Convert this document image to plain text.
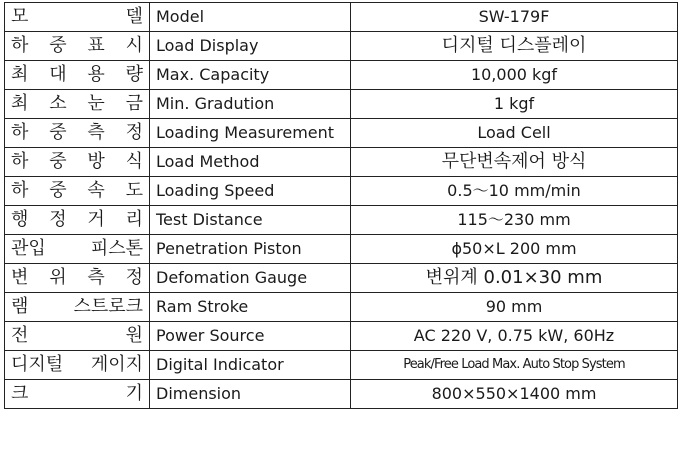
모 델	Model	SW-179F

하 중 표 시	Load Display	디지털 디스플레이

최 대 용 량	Max. Capacity	10,000 kgf

최 소 눈 금	Min. Gradution	1 kgf

하 중 측 정	Loading Measurement	Load Cell

하 중 방 식	Load Method	무단변속제어 방식

하 중 속 도	Loading Speed	0.5～10 mm/min

행 정 거 리	Test Distance	115～230 mm

관입 피스톤	Penetration Piston	ϕ50×L 200 mm

변 위 측 정	Defomation Gauge	변위계 0.01×30 mm

램 스트로크	Ram Stroke	90 mm

전 원	Power Source	AC 220 V, 0.75 kW, 60Hz

디지털 게이지	Digital Indicator	Peak/Free Load Max. Auto Stop System

크 기	Dimension	800×550×1400 mm
